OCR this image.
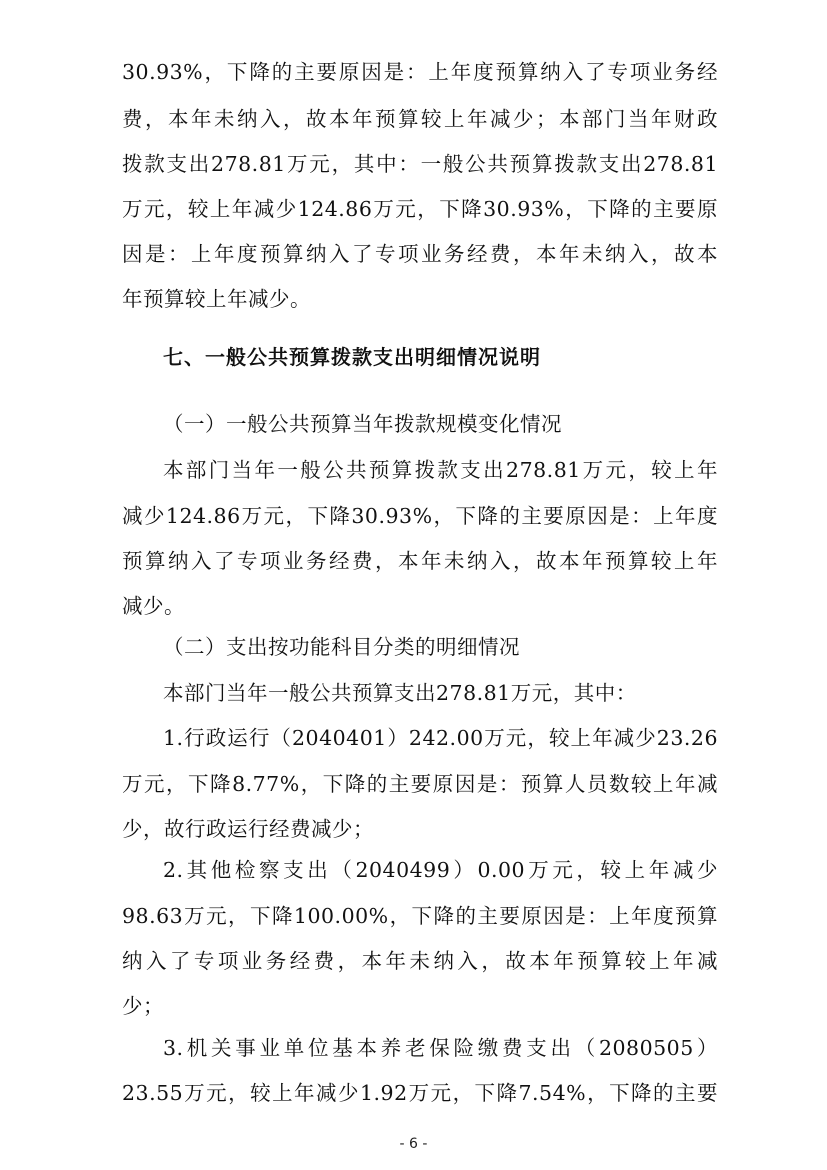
30.93%，下降的主要原因是：上年度预算纳入了专项业务经
费，本年未纳入，故本年预算较上年减少；本部门当年财政
拨款支出278.81万元，其中：一般公共预算拨款支出278.81
万元，较上年减少124.86万元，下降30.93%，下降的主要原
因是：上年度预算纳入了专项业务经费，本年未纳入，故本
年预算较上年减少。
七、一般公共预算拨款支出明细情况说明
（一）一般公共预算当年拨款规模变化情况
本部门当年一般公共预算拨款支出278.81万元，较上年
减少124.86万元，下降30.93%，下降的主要原因是：上年度
预算纳入了专项业务经费，本年未纳入，故本年预算较上年
减少。
（二）支出按功能科目分类的明细情况
本部门当年一般公共预算支出278.81万元，其中：
1.行政运行（2040401）242.00万元，较上年减少23.26
万元，下降8.77%，下降的主要原因是：预算人员数较上年减
少，故行政运行经费减少；
2.其他检察支出（2040499）0.00万元，较上年减少
98.63万元，下降100.00%，下降的主要原因是：上年度预算
纳入了专项业务经费，本年未纳入，故本年预算较上年减
少；
3.机关事业单位基本养老保险缴费支出（2080505）
23.55万元，较上年减少1.92万元，下降7.54%，下降的主要
- 6 -
